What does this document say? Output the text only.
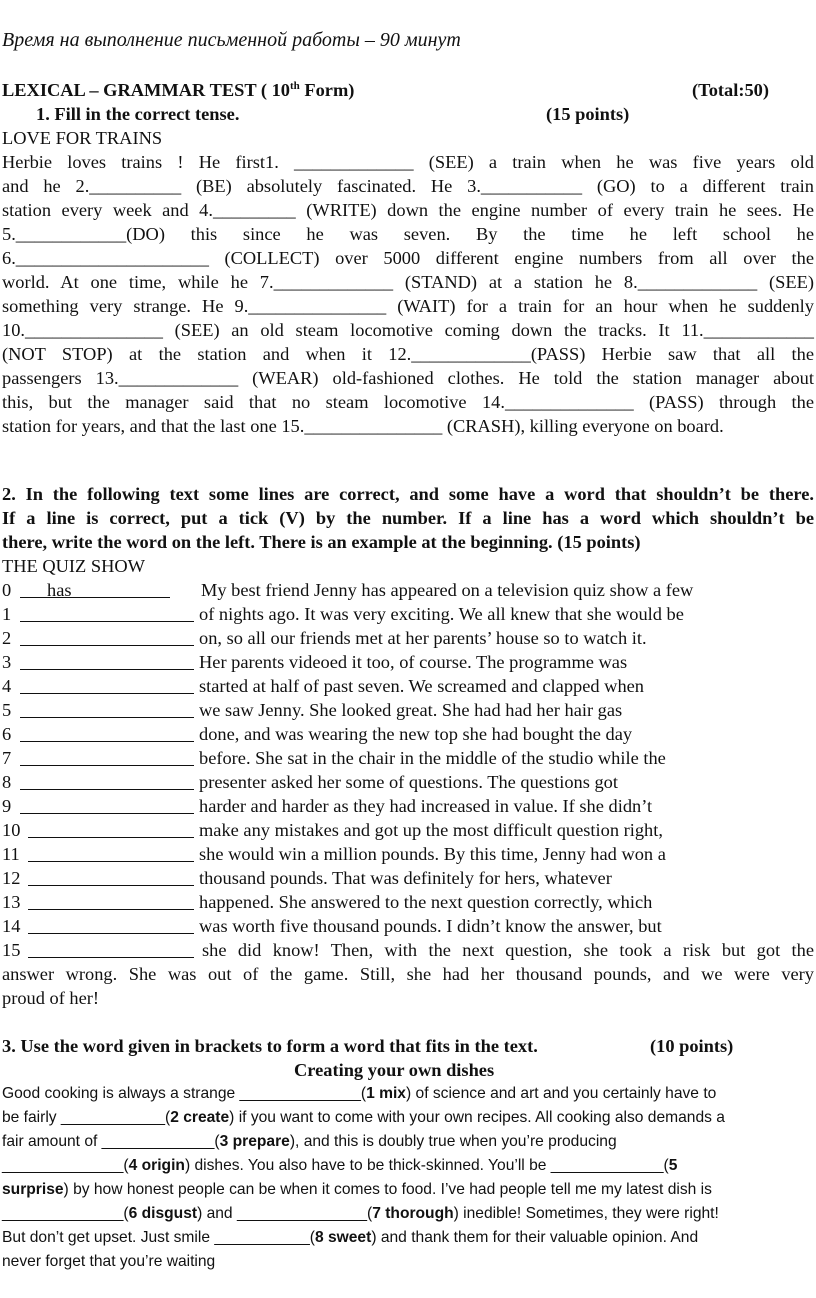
Время на выполнение письменной работы – 90 минут
LEXICAL – GRAMMAR TEST ( 10th Form)	(Total:50)
1. Fill in the correct tense.	(15 points)
LOVE FOR TRAINS
Herbie loves trains ! He first1. _____________ (SEE) a train when he was five years old
and he 2.__________ (BE) absolutely fascinated. He 3.___________ (GO) to a different train
station every week and 4._________ (WRITE) down the engine number of every train he sees. He
5.____________(DO) this since he was seven. By the time he left school he
6._____________________ (COLLECT) over 5000 different engine numbers from all over the
world. At one time, while he 7._____________ (STAND) at a station he 8._____________ (SEE)
something very strange. He 9._______________ (WAIT) for a train for an hour when he suddenly
10._______________ (SEE) an old steam locomotive coming down the tracks. It 11.____________
(NOT STOP) at the station and when it 12._____________(PASS) Herbie saw that all the
passengers 13._____________ (WEAR) old-fashioned clothes. He told the station manager about
this, but the manager said that no steam locomotive 14.______________ (PASS) through the
station for years, and that the last one 15._______________ (CRASH), killing everyone on board.
2. In the following text some lines are correct, and some have a word that shouldn’t be there.
If a line is correct, put a tick (V) by the number. If a line has a word which shouldn’t be
there, write the word on the left. There is an example at the beginning. (15 points)
THE QUIZ SHOW
0	has	My best friend Jenny has appeared on a television quiz show a few
1	of nights ago. It was very exciting. We all knew that she would be
2	on, so all our friends met at her parents’ house so to watch it.
3	Her parents videoed it too, of course. The programme was
4	started at half of past seven. We screamed and clapped when
5	we saw Jenny. She looked great. She had had her hair gas
6	done, and was wearing the new top she had bought the day
7	before. She sat in the chair in the middle of the studio while the
8	presenter asked her some of questions. The questions got
9	harder and harder as they had increased in value. If she didn’t
10	make any mistakes and got up the most difficult question right,
11	she would win a million pounds. By this time, Jenny had won a
12	thousand pounds. That was definitely for hers, whatever
13	happened. She answered to the next question correctly, which
14	was worth five thousand pounds. I didn’t know the answer, but
15	she did know! Then, with the next question, she took a risk but got the
answer wrong. She was out of the game. Still, she had her thousand pounds, and we were very
proud of her!
3. Use the word given in brackets to form a word that fits in the text.	(10 points)
Creating your own dishes
Good cooking is always a strange ______________(1 mix) of science and art and you certainly have to
be fairly ____________(2 create) if you want to come with your own recipes. All cooking also demands a
fair amount of _____________(3 prepare), and this is doubly true when you’re producing
______________(4 origin) dishes. You also have to be thick-skinned. You’ll be _____________(5
surprise) by how honest people can be when it comes to food. I’ve had people tell me my latest dish is
______________(6 disgust) and _______________(7 thorough) inedible! Sometimes, they were right!
But don’t get upset. Just smile ___________(8 sweet) and thank them for their valuable opinion. And
never forget that you’re waiting
